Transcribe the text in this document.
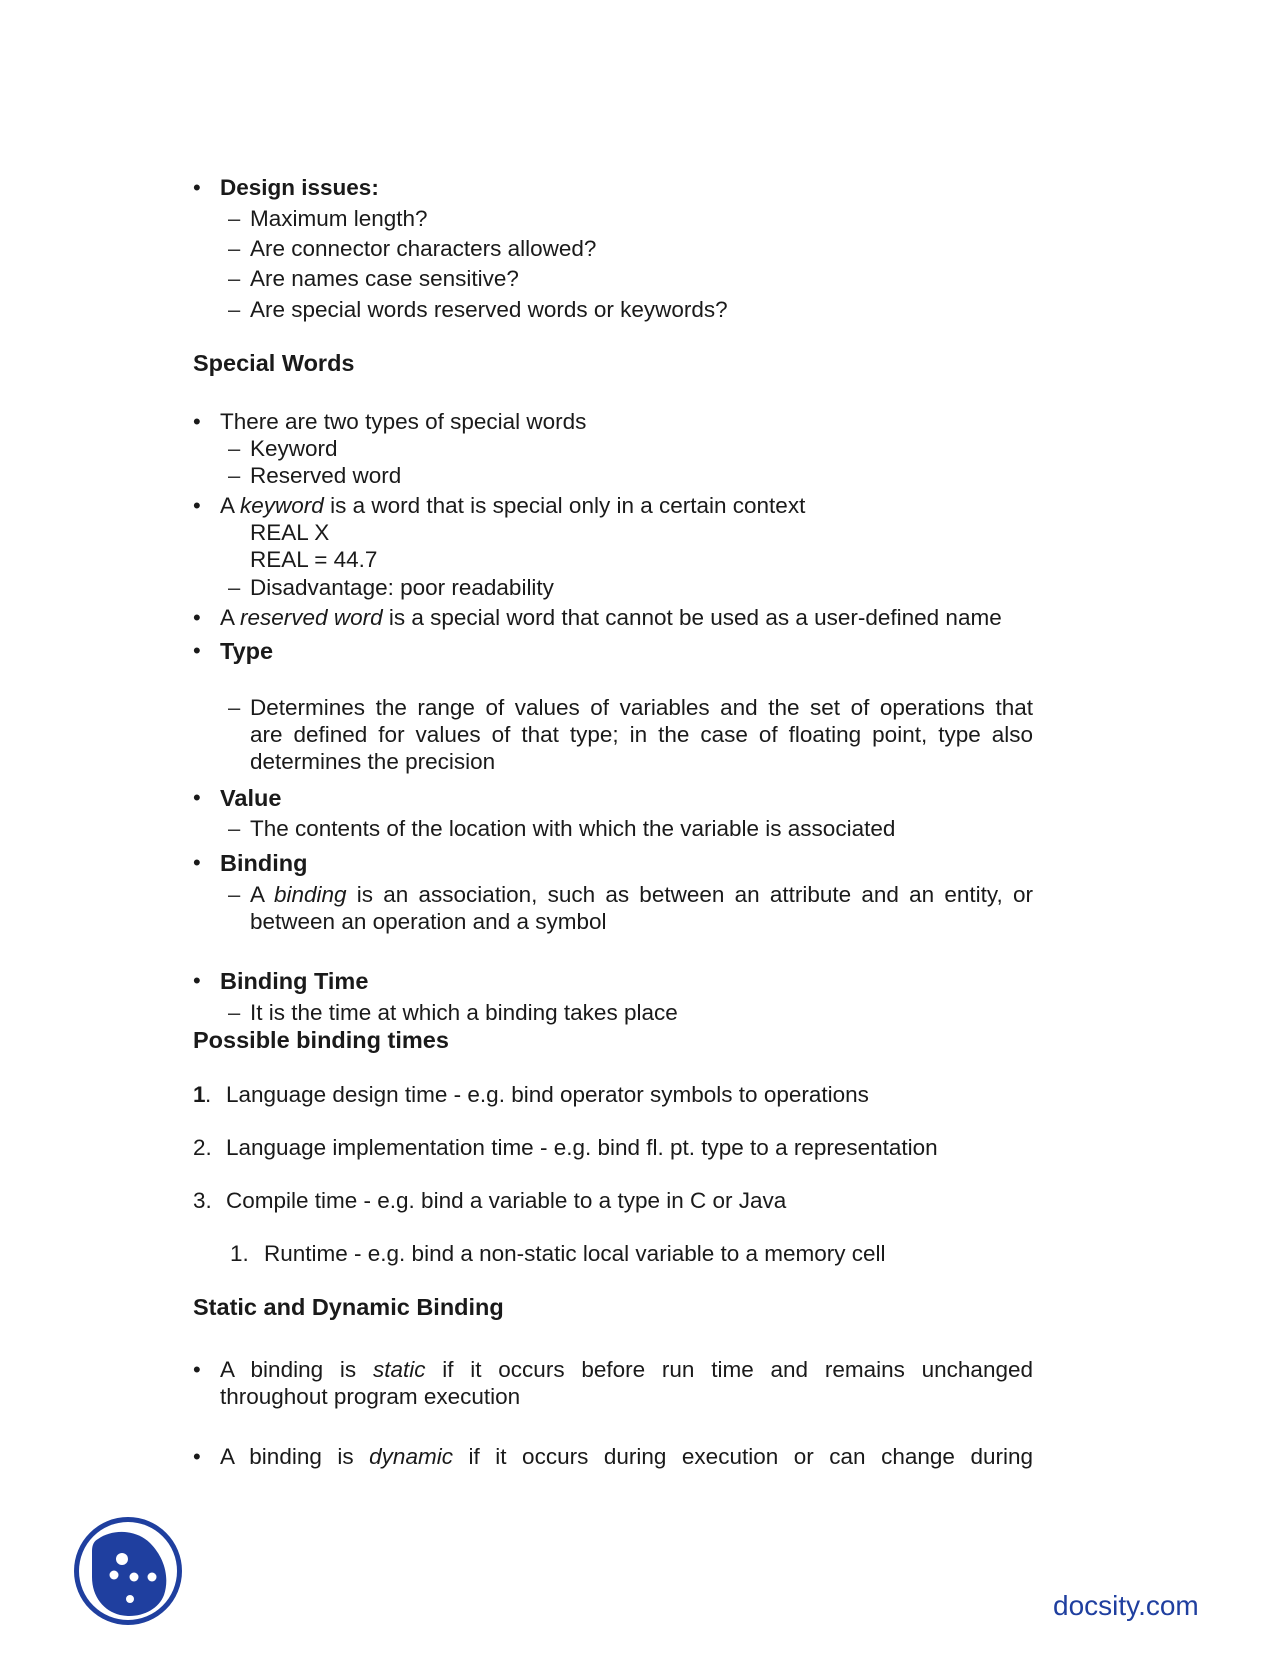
• Design issues:
– Maximum length?
– Are connector characters allowed?
– Are names case sensitive?
– Are special words reserved words or keywords?
Special Words
• There are two types of special words
– Keyword
– Reserved word
• A keyword is a word that is special only in a certain context
REAL X
REAL = 44.7
– Disadvantage: poor readability
• A reserved word is a special word that cannot be used as a user-defined name
• Type
– Determines the range of values of variables and the set of operations that
are defined for values of that type; in the case of floating point, type also
determines the precision
• Value
– The contents of the location with which the variable is associated
• Binding
– A binding is an association, such as between an attribute and an entity, or
between an operation and a symbol
• Binding Time
– It is the time at which a binding takes place
Possible binding times
1 . Language design time - e.g. bind operator symbols to operations
2. Language implementation time - e.g. bind fl. pt. type to a representation
3. Compile time - e.g. bind a variable to a type in C or Java
1. Runtime - e.g. bind a non-static local variable to a memory cell
Static and Dynamic Binding
• A binding is static if it occurs before run time and remains unchanged
throughout program execution
• A binding is dynamic if it occurs during execution or can change during
docsity.com
